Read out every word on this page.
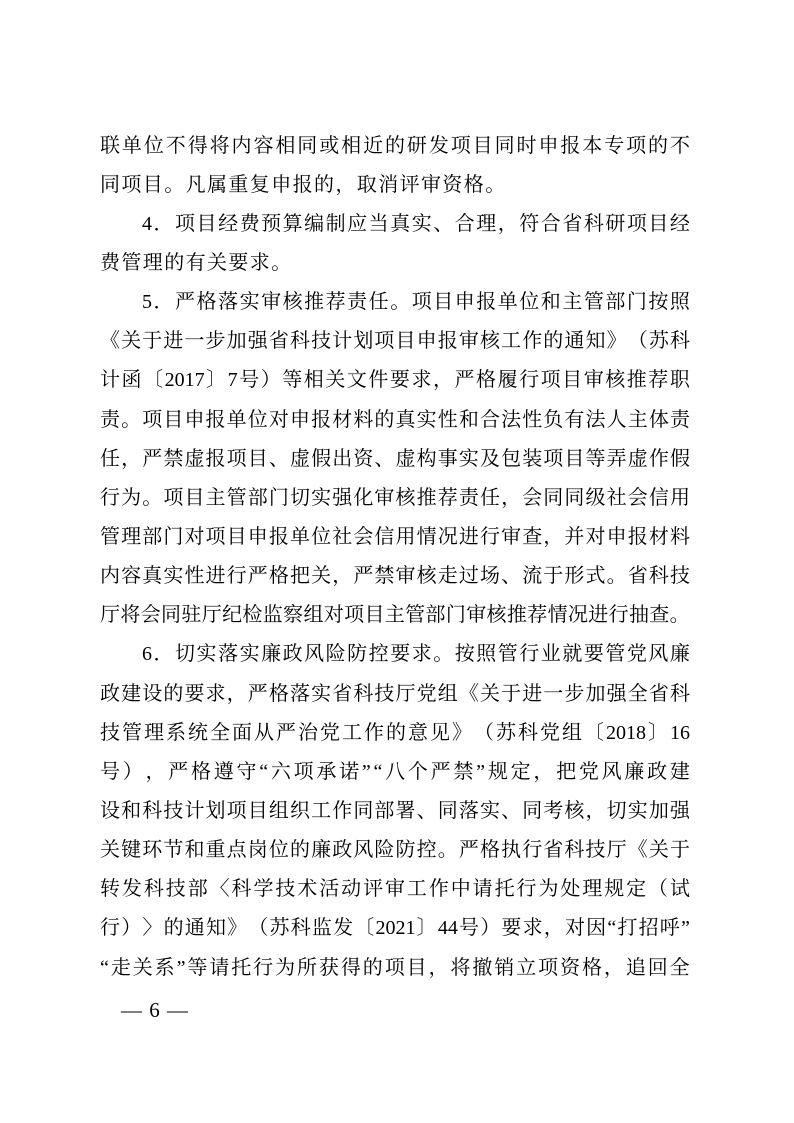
联 单 位 不 得 将 内 容 相 同 或 相 近 的 研 发 项 目 同 时 申 报 本 专 项 的 不
同项目。凡属重复申报的，取消评审资格。
4 ． 项 目 经 费 预 算 编 制 应 当 真 实 、 合 理 ， 符 合 省 科 研 项 目 经
费管理的有关要求。
5 ． 严 格 落 实 审 核 推 荐 责 任 。 项 目 申 报 单 位 和 主 管 部 门 按 照
《 关 于 进 一 步 加 强 省 科 技 计 划 项 目 申 报 审 核 工 作 的 通 知 》 （ 苏 科
计 函 〔 2017 〕 7 号 ） 等 相 关 文 件 要 求 ， 严 格 履 行 项 目 审 核 推 荐 职
责 。 项 目 申 报 单 位 对 申 报 材 料 的 真 实 性 和 合 法 性 负 有 法 人 主 体 责
任 ， 严 禁 虚 报 项 目 、 虚 假 出 资 、 虚 构 事 实 及 包 装 项 目 等 弄 虚 作 假
行 为 。 项 目 主 管 部 门 切 实 强 化 审 核 推 荐 责 任 ， 会 同 同 级 社 会 信 用
管 理 部 门 对 项 目 申 报 单 位 社 会 信 用 情 况 进 行 审 查 ， 并 对 申 报 材 料
内 容 真 实 性 进 行 严 格 把 关 ， 严 禁 审 核 走 过 场 、 流 于 形 式 。 省 科 技
厅 将 会 同 驻 厅 纪 检 监 察 组 对 项 目 主 管 部 门 审 核 推 荐 情 况 进 行 抽 查 。
6 ． 切 实 落 实 廉 政 风 险 防 控 要 求 。 按 照 管 行 业 就 要 管 党 风 廉
政 建 设 的 要 求 ， 严 格 落 实 省 科 技 厅 党 组 《 关 于 进 一 步 加 强 全 省 科
技 管 理 系 统 全 面 从 严 治 党 工 作 的 意 见 》 （ 苏 科 党 组 〔 2018 〕 16
号 ） ， 严 格 遵 守 “ 六 项 承 诺 ” “ 八 个 严 禁 ” 规 定 ， 把 党 风 廉 政 建
设 和 科 技 计 划 项 目 组 织 工 作 同 部 署 、 同 落 实 、 同 考 核 ， 切 实 加 强
关 键 环 节 和 重 点 岗 位 的 廉 政 风 险 防 控 。 严 格 执 行 省 科 技 厅 《 关 于
转 发 科 技 部 〈 科 学 技 术 活 动 评 审 工 作 中 请 托 行 为 处 理 规 定 （ 试
行 ） 〉 的 通 知 》 （ 苏 科 监 发 〔 2021 〕 44 号 ） 要 求 ， 对 因 “ 打 招 呼 ”
“ 走 关 系 ” 等 请 托 行 为 所 获 得 的 项 目 ， 将 撤 销 立 项 资 格 ， 追 回 全
— 6 —
